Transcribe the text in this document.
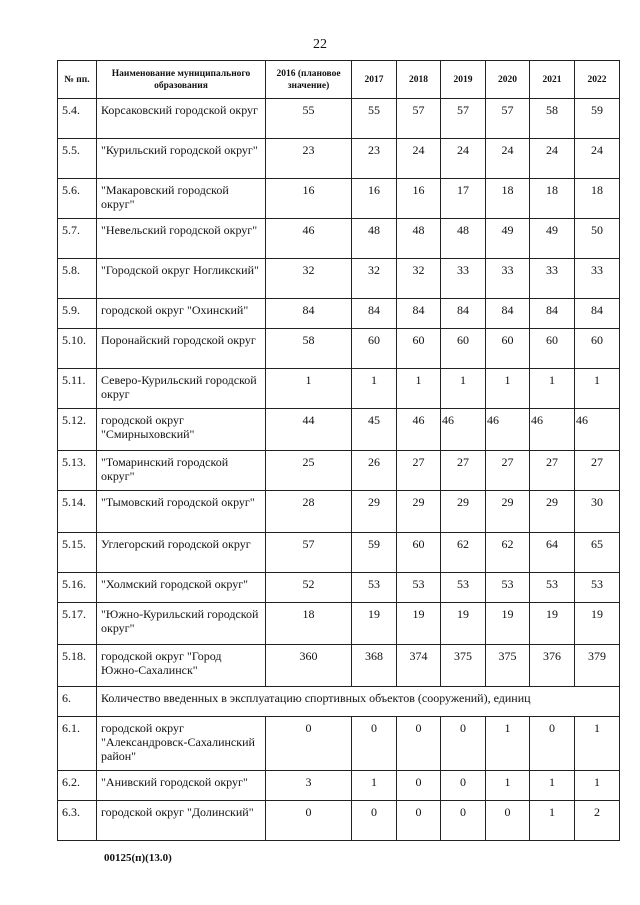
22
№ пп.	Наименование муниципального образования	2016 (плановое значение)	2017	2018	2019	2020	2021	2022
5.4.	Корсаковский городской округ	55	55	57	57	57	58	59
5.5.	"Курильский городской округ"	23	23	24	24	24	24	24
5.6.	"Макаровский городской округ"	16	16	16	17	18	18	18
5.7.	"Невельский городской округ"	46	48	48	48	49	49	50
5.8.	"Городской округ Ногликский"	32	32	32	33	33	33	33
5.9.	городской округ "Охинский"	84	84	84	84	84	84	84
5.10.	Поронайский городской округ	58	60	60	60	60	60	60
5.11.	Северо-Курильский городской округ	1	1	1	1	1	1	1
5.12.	городской округ "Смирныховский"	44	45	46	46	46	46	46
5.13.	"Томаринский городской округ"	25	26	27	27	27	27	27
5.14.	"Тымовский городской округ"	28	29	29	29	29	29	30
5.15.	Углегорский городской округ	57	59	60	62	62	64	65
5.16.	"Холмский городской округ"	52	53	53	53	53	53	53
5.17.	"Южно-Курильский городской округ"	18	19	19	19	19	19	19
5.18.	городской округ "Город Южно-Сахалинск"	360	368	374	375	375	376	379
6.	Количество введенных в эксплуатацию спортивных объектов (сооружений), единиц							
6.1.	городской округ "Александровск-Сахалинский район"	0	0	0	0	1	0	1
6.2.	"Анивский городской округ"	3	1	0	0	1	1	1
6.3.	городской округ "Долинский"	0	0	0	0	0	1	2
00125(п)(13.0)
